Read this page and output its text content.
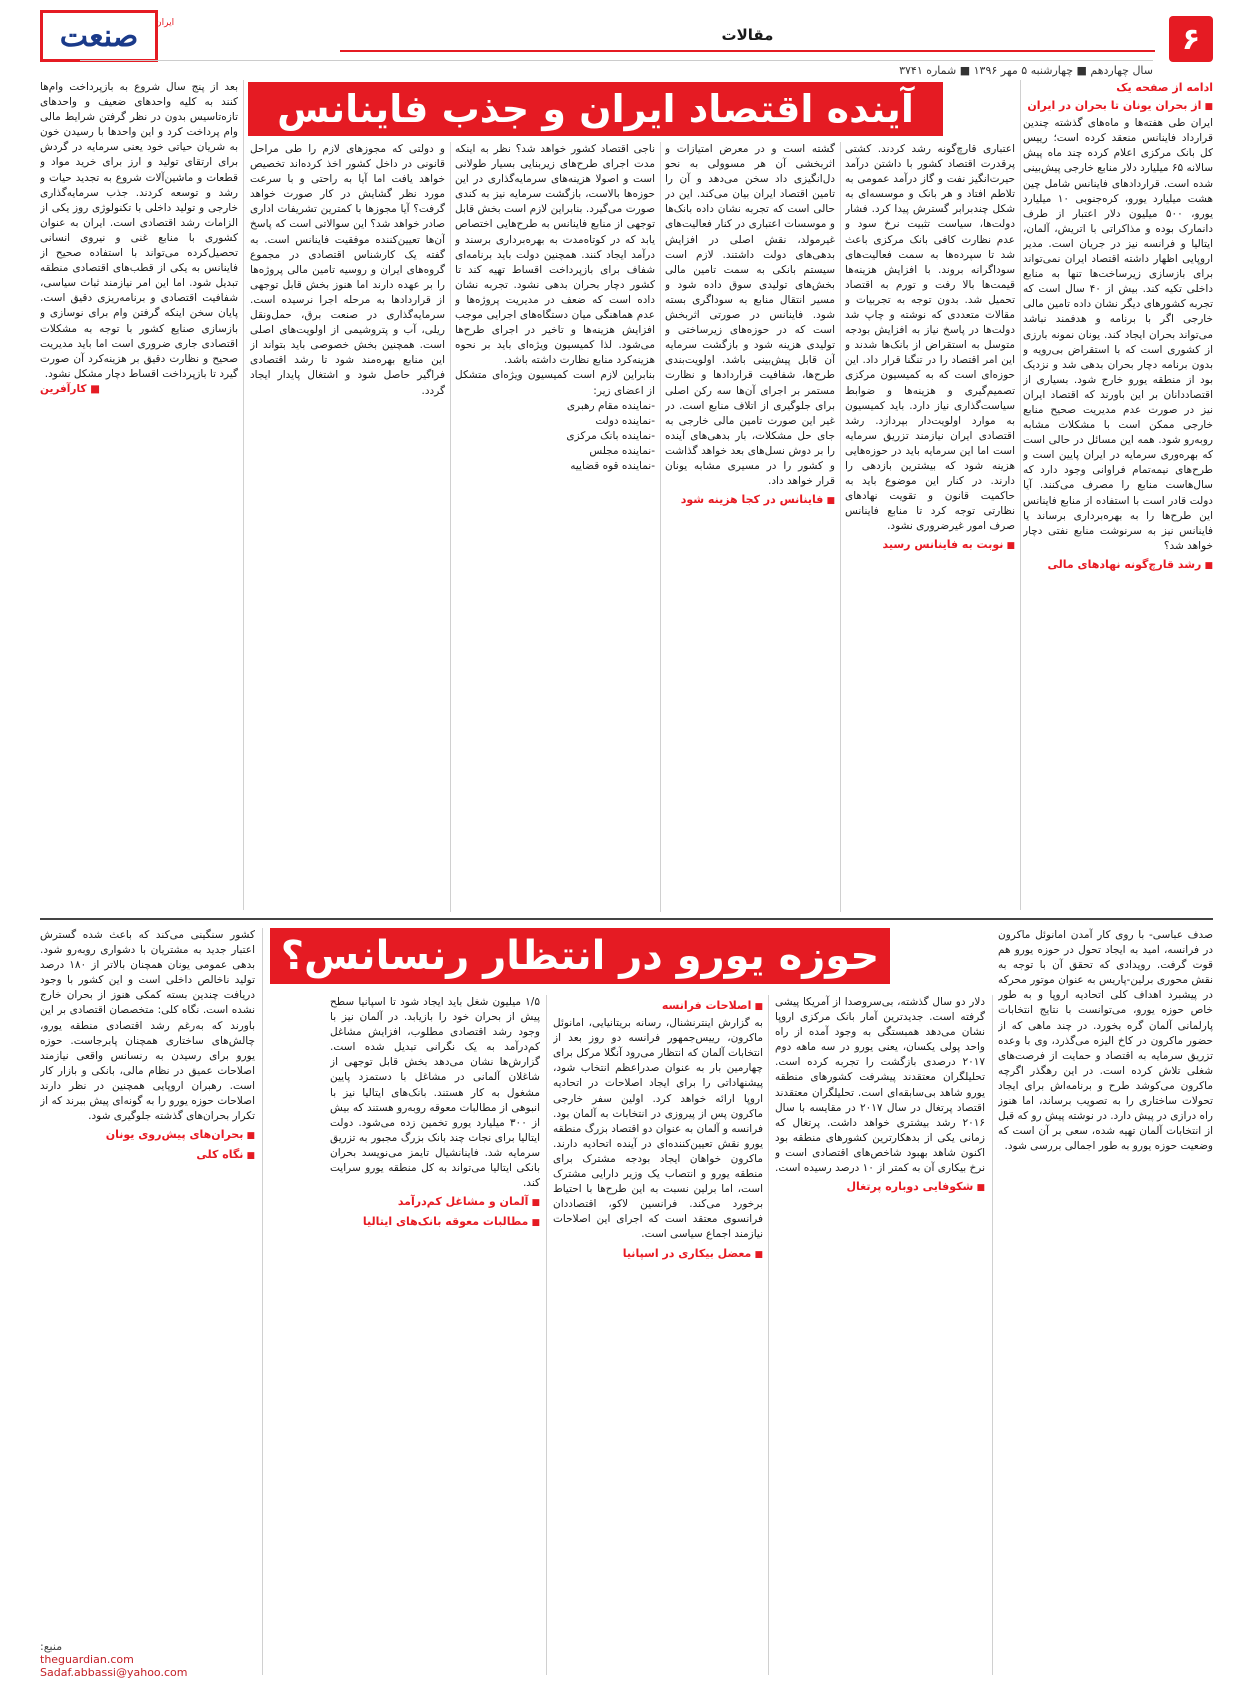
۶
مقالات
صنعت	ایران
سال چهاردهم ■ چهارشنبه ۵ مهر ۱۳۹۶ ■ شماره ۳۷۴۱
آینده اقتصاد ایران و جذب فاینانس	ادامه از صفحه یک

■ از بحران یونان تا بحران در ایران

ایران طی هفته‌ها و ماه‌های گذشته چندین قرارداد فاینانس منعقد کرده است؛ رییس کل بانک مرکزی اعلام کرده چند ماه پیش سالانه ۶۵ میلیارد دلار منابع خارجی پیش‌بینی شده است. قراردادهای فاینانس شامل چین هشت میلیارد یورو، کره‌جنوبی ۱۰ میلیارد یورو، ۵۰۰ میلیون دلار اعتبار از طرف دانمارک بوده و مذاکراتی با اتریش، آلمان، ایتالیا و فرانسه نیز در جریان است. مدیر اروپایی اظهار داشته اقتصاد ایران نمی‌تواند برای بازسازی زیرساخت‌ها تنها به منابع داخلی تکیه کند. بیش از ۴۰ سال است که تجربه کشورهای دیگر نشان داده تامین مالی خارجی اگر با برنامه و هدفمند نباشد می‌تواند بحران ایجاد کند. یونان نمونه بارزی از کشوری است که با استقراض بی‌رویه و بدون برنامه دچار بحران بدهی شد و نزدیک بود از منطقه یورو خارج شود. بسیاری از اقتصاددانان بر این باورند که اقتصاد ایران نیز در صورت عدم مدیریت صحیح منابع خارجی ممکن است با مشکلات مشابه روبه‌رو شود. همه این مسائل در حالی است که بهره‌وری سرمایه در ایران پایین است و طرح‌های نیمه‌تمام فراوانی وجود دارد که سال‌هاست منابع را مصرف می‌کنند. آیا دولت قادر است با استفاده از منابع فاینانس این طرح‌ها را به بهره‌برداری برساند یا فاینانس نیز به سرنوشت منابع نفتی دچار خواهد شد؟

■ رشد قارچ‌گونه نهادهای مالی

اعتباری قارچ‌گونه رشد کردند. کشتی پرقدرت اقتصاد کشور با داشتن درآمد حیرت‌انگیز نفت و گاز درآمد عمومی به تلاطم افتاد و هر بانک و موسسه‌ای به شکل چندبرابر گسترش پیدا کرد. فشار دولت‌ها، سیاست تثبیت نرخ سود و عدم نظارت کافی بانک مرکزی باعث شد تا سپرده‌ها به سمت فعالیت‌های سوداگرانه بروند. با افزایش هزینه‌ها قیمت‌ها بالا رفت و تورم به اقتصاد تحمیل شد. بدون توجه به تجربیات و مقالات متعددی که نوشته و چاپ شد دولت‌ها در پاسخ نیاز به افزایش بودجه متوسل به استقراض از بانک‌ها شدند و این امر اقتصاد را در تنگنا قرار داد. این حوزه‌ای است که به کمیسیون مرکزی تصمیم‌گیری و هزینه‌ها و ضوابط سیاست‌گذاری نیاز دارد. باید کمیسیون به موارد اولویت‌دار بپردازد. رشد اقتصادی ایران نیازمند تزریق سرمایه است اما این سرمایه باید در حوزه‌هایی هزینه شود که بیشترین بازدهی را دارند. در کنار این موضوع باید به حاکمیت قانون و تقویت نهادهای نظارتی توجه کرد تا منابع فاینانس صرف امور غیرضروری نشود.

■ نوبت به فاینانس رسید

گشته است و در معرض امتیازات و اثربخشی آن هر مسوولی به نحو دل‌انگیزی داد سخن می‌دهد و آن را تامین اقتصاد ایران بیان می‌کند. این در حالی است که تجربه نشان داده بانک‌ها و موسسات اعتباری در کنار فعالیت‌های غیرمولد، نقش اصلی در افزایش بدهی‌های دولت داشتند. لازم است سیستم بانکی به سمت تامین مالی بخش‌های تولیدی سوق داده شود و مسیر انتقال منابع به سوداگری بسته شود. فاینانس در صورتی اثربخش است که در حوزه‌های زیرساختی و تولیدی هزینه شود و بازگشت سرمایه آن قابل پیش‌بینی باشد. اولویت‌بندی طرح‌ها، شفافیت قراردادها و نظارت مستمر بر اجرای آن‌ها سه رکن اصلی برای جلوگیری از اتلاف منابع است. در غیر این صورت تامین مالی خارجی به جای حل مشکلات، بار بدهی‌های آینده را بر دوش نسل‌های بعد خواهد گذاشت و کشور را در مسیری مشابه یونان قرار خواهد داد.

■ فاینانس در کجا هزینه شود

ناجی اقتصاد کشور خواهد شد؟ نظر به اینکه مدت اجرای طرح‌های زیربنایی بسیار طولانی است و اصولا هزینه‌های سرمایه‌گذاری در این حوزه‌ها بالاست، بازگشت سرمایه نیز به کندی صورت می‌گیرد. بنابراین لازم است بخش قابل توجهی از منابع فاینانس به طرح‌هایی اختصاص یابد که در کوتاه‌مدت به بهره‌برداری برسند و درآمد ایجاد کنند. همچنین دولت باید برنامه‌ای شفاف برای بازپرداخت اقساط تهیه کند تا کشور دچار بحران بدهی نشود. تجربه نشان داده است که ضعف در مدیریت پروژه‌ها و عدم هماهنگی میان دستگاه‌های اجرایی موجب افزایش هزینه‌ها و تاخیر در اجرای طرح‌ها می‌شود. لذا کمیسیون ویژه‌ای باید بر نحوه هزینه‌کرد منابع نظارت داشته باشد.

بنابراین لازم است کمیسیون ویژه‌ای متشکل از اعضای زیر:

-نماینده مقام رهبری

-نماینده دولت

-نماینده بانک مرکزی

-نماینده مجلس

-نماینده قوه قضاییه

و دولتی که مجوزهای لازم را طی مراحل قانونی در داخل کشور اخذ کرده‌اند تخصیص خواهد یافت اما آیا به راحتی و با سرعت مورد نظر گشایش در کار صورت خواهد گرفت؟ آیا مجوزها با کمترین تشریفات اداری صادر خواهد شد؟ این سوالاتی است که پاسخ آن‌ها تعیین‌کننده موفقیت فاینانس است. به گفته یک کارشناس اقتصادی در مجموع گروه‌های ایران و روسیه تامین مالی پروژه‌ها را بر عهده دارند اما هنوز بخش قابل توجهی از قراردادها به مرحله اجرا نرسیده است. سرمایه‌گذاری در صنعت برق، حمل‌ونقل ریلی، آب و پتروشیمی از اولویت‌های اصلی است. همچنین بخش خصوصی باید بتواند از این منابع بهره‌مند شود تا رشد اقتصادی فراگیر حاصل شود و اشتغال پایدار ایجاد گردد.

بعد از پنج سال شروع به بازپرداخت وام‌ها کنند به کلیه واحدهای ضعیف و واحدهای تازه‌تاسیس بدون در نظر گرفتن شرایط مالی وام پرداخت کرد و این واحدها با رسیدن خون به شریان حیاتی خود یعنی سرمایه در گردش برای ارتقای تولید و ارز برای خرید مواد و قطعات و ماشین‌آلات شروع به تجدید حیات و رشد و توسعه کردند. جذب سرمایه‌گذاری خارجی و تولید داخلی با تکنولوژی روز یکی از الزامات رشد اقتصادی است. ایران به عنوان کشوری با منابع غنی و نیروی انسانی تحصیل‌کرده می‌تواند با استفاده صحیح از فاینانس به یکی از قطب‌های اقتصادی منطقه تبدیل شود. اما این امر نیازمند ثبات سیاسی، شفافیت اقتصادی و برنامه‌ریزی دقیق است. پایان سخن اینکه گرفتن وام برای نوسازی و بازسازی صنایع کشور با توجه به مشکلات اقتصادی جاری ضروری است اما باید مدیریت صحیح و نظارت دقیق بر هزینه‌کرد آن صورت گیرد تا بازپرداخت اقساط دچار مشکل نشود.

■ کارآفرین

حوزه یورو در انتظار رنسانس؟	صدف عباسی- با روی کار آمدن امانوئل ماکرون در فرانسه، امید به ایجاد تحول در حوزه یورو هم قوت گرفت. رویدادی که تحقق آن با توجه به نقش محوری برلین-پاریس به عنوان موتور محرکه در پیشبرد اهداف کلی اتحادیه اروپا و به طور خاص حوزه یورو، می‌توانست با نتایج انتخابات پارلمانی آلمان گره بخورد. در چند ماهی که از حضور ماکرون در کاخ الیزه می‌گذرد، وی با وعده تزریق سرمایه به اقتصاد و حمایت از فرصت‌های شغلی تلاش کرده است. در این رهگذر اگرچه ماکرون می‌کوشد طرح و برنامه‌اش برای ایجاد تحولات ساختاری را به تصویب برساند، اما هنوز راه درازی در پیش دارد. در نوشته پیش رو که قبل از انتخابات آلمان تهیه شده، سعی بر آن است که وضعیت حوزه یورو به طور اجمالی بررسی شود.

دلار دو سال گذشته، بی‌سروصدا از آمریکا پیشی گرفته است. جدیدترین آمار بانک مرکزی اروپا نشان می‌دهد همبستگی به وجود آمده از راه واحد پولی یکسان، یعنی یورو در سه ماهه دوم ۲۰۱۷ درصدی بازگشت را تجربه کرده است. تحلیلگران معتقدند پیشرفت کشورهای منطقه یورو شاهد بی‌سابقه‌ای است. تحلیلگران معتقدند اقتصاد پرتغال در سال ۲۰۱۷ در مقایسه با سال ۲۰۱۶ رشد بیشتری خواهد داشت. پرتغال که زمانی یکی از بدهکارترین کشورهای منطقه بود اکنون شاهد بهبود شاخص‌های اقتصادی است و نرخ بیکاری آن به کمتر از ۱۰ درصد رسیده است.

■ شکوفایی دوباره پرتغال

■ اصلاحات فرانسه

به گزارش اینترنشنال، رسانه بریتانیایی، امانوئل ماکرون، رییس‌جمهور فرانسه دو روز بعد از انتخابات آلمان که انتظار می‌رود آنگلا مرکل برای چهارمین بار به عنوان صدراعظم انتخاب شود، پیشنهاداتی را برای ایجاد اصلاحات در اتحادیه اروپا ارائه خواهد کرد. اولین سفر خارجی ماکرون پس از پیروزی در انتخابات به آلمان بود. فرانسه و آلمان به عنوان دو اقتصاد بزرگ منطقه یورو نقش تعیین‌کننده‌ای در آینده اتحادیه دارند. ماکرون خواهان ایجاد بودجه مشترک برای منطقه یورو و انتصاب یک وزیر دارایی مشترک است، اما برلین نسبت به این طرح‌ها با احتیاط برخورد می‌کند. فرانسین لاکو، اقتصاددان فرانسوی معتقد است که اجرای این اصلاحات نیازمند اجماع سیاسی است.

■ معضل بیکاری در اسپانیا

۱/۵ میلیون شغل باید ایجاد شود تا اسپانیا سطح پیش از بحران خود را بازیابد. در آلمان نیز با وجود رشد اقتصادی مطلوب، افزایش مشاغل کم‌درآمد به یک نگرانی تبدیل شده است. گزارش‌ها نشان می‌دهد بخش قابل توجهی از شاغلان آلمانی در مشاغل با دستمزد پایین مشغول به کار هستند. بانک‌های ایتالیا نیز با انبوهی از مطالبات معوقه روبه‌رو هستند که بیش از ۳۰۰ میلیارد یورو تخمین زده می‌شود. دولت ایتالیا برای نجات چند بانک بزرگ مجبور به تزریق سرمایه شد. فاینانشیال تایمز می‌نویسد بحران بانکی ایتالیا می‌تواند به کل منطقه یورو سرایت کند.

■ آلمان و مشاغل کم‌درآمد

■ مطالبات معوقه بانک‌های ایتالیا

کشور سنگینی می‌کند که باعث شده گسترش اعتبار جدید به مشتریان با دشواری روبه‌رو شود. بدهی عمومی یونان همچنان بالاتر از ۱۸۰ درصد تولید ناخالص داخلی است و این کشور با وجود دریافت چندین بسته کمکی هنوز از بحران خارج نشده است. نگاه کلی: متخصصان اقتصادی بر این باورند که به‌رغم رشد اقتصادی منطقه یورو، چالش‌های ساختاری همچنان پابرجاست. حوزه یورو برای رسیدن به رنسانس واقعی نیازمند اصلاحات عمیق در نظام مالی، بانکی و بازار کار است. رهبران اروپایی همچنین در نظر دارند اصلاحات حوزه یورو را به گونه‌ای پیش ببرند که از تکرار بحران‌های گذشته جلوگیری شود.

■ بحران‌های پیش‌روی یونان

■ نگاه کلی

منبع:
theguardian.com
Sadaf.abbassi@yahoo.com
